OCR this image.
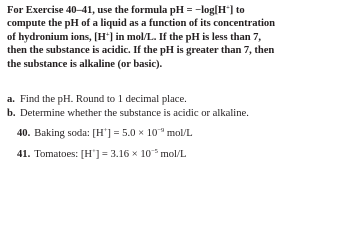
For Exercise 40–41, use the formula pH = −log[H+] to
compute the pH of a liquid as a function of its concentration
of hydronium ions, [H+] in mol/L. If the pH is less than 7,
then the substance is acidic. If the pH is greater than 7, then
the substance is alkaline (or basic).
a. Find the pH. Round to 1 decimal place.
b. Determine whether the substance is acidic or alkaline.
40. Baking soda: $[H^+] = 5.0 \times 10^{-9}$ mol/L
41. Tomatoes: $[H^+] = 3.16 \times 10^{-5}$ mol/L
